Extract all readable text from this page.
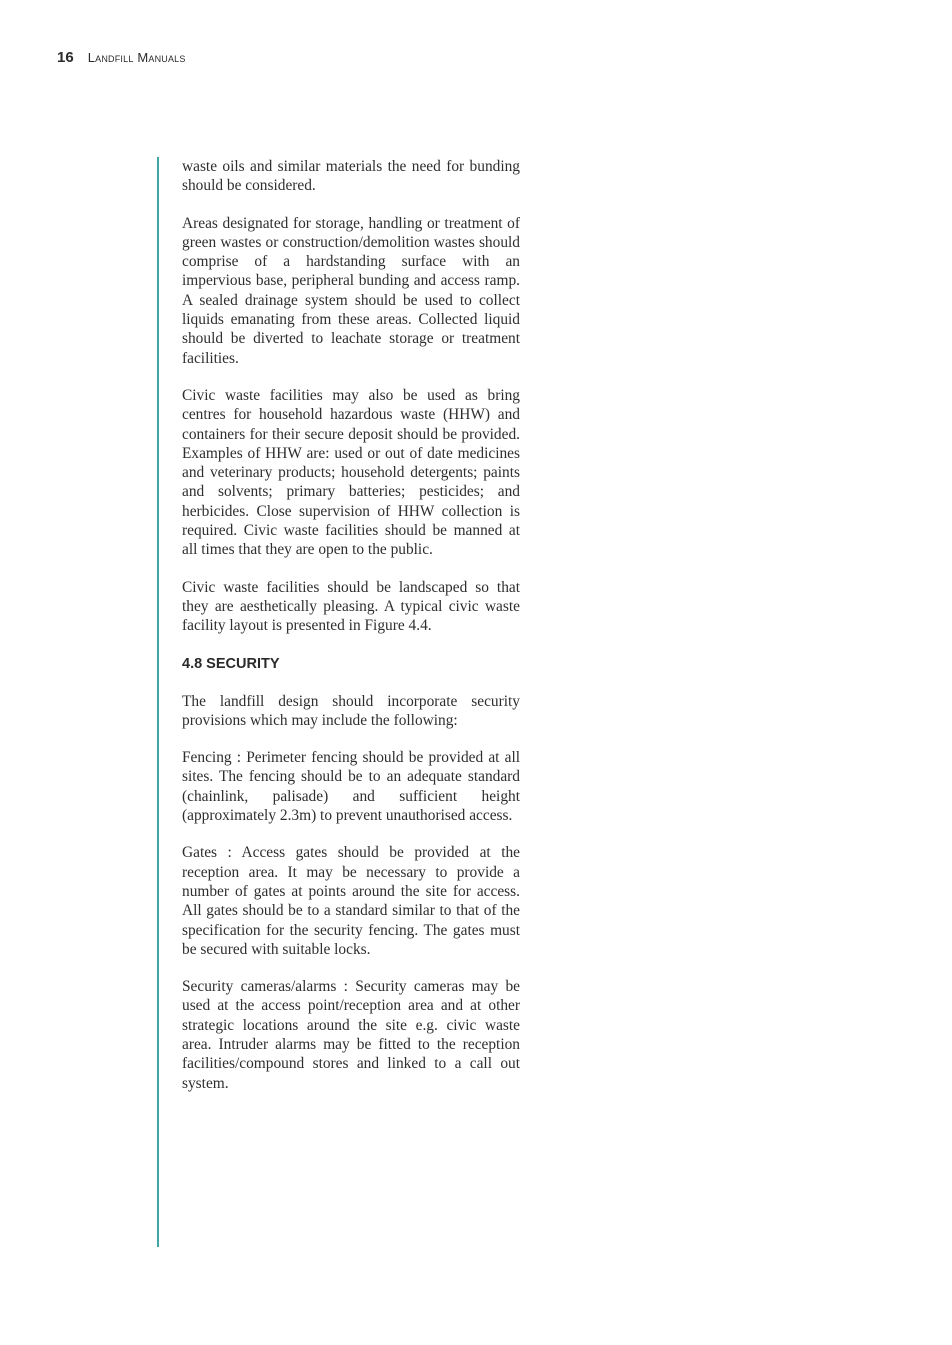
16 Landfill Manuals

waste oils and similar materials the need for bunding should be considered.

Areas designated for storage, handling or treatment of green wastes or construction/demolition wastes should comprise of a hardstanding surface with an impervious base, peripheral bunding and access ramp. A sealed drainage system should be used to collect liquids emanating from these areas. Collected liquid should be diverted to leachate storage or treatment facilities.

Civic waste facilities may also be used as bring centres for household hazardous waste (HHW) and containers for their secure deposit should be provided. Examples of HHW are: used or out of date medicines and veterinary products; household detergents; paints and solvents; primary batteries; pesticides; and herbicides. Close supervision of HHW collection is required. Civic waste facilities should be manned at all times that they are open to the public.

Civic waste facilities should be landscaped so that they are aesthetically pleasing. A typical civic waste facility layout is presented in Figure 4.4.

4.8 SECURITY

The landfill design should incorporate security provisions which may include the following:

Fencing : Perimeter fencing should be provided at all sites. The fencing should be to an adequate standard (chainlink, palisade) and sufficient height (approximately 2.3m) to prevent unauthorised access.

Gates : Access gates should be provided at the reception area. It may be necessary to provide a number of gates at points around the site for access. All gates should be to a standard similar to that of the specification for the security fencing. The gates must be secured with suitable locks.

Security cameras/alarms : Security cameras may be used at the access point/reception area and at other strategic locations around the site e.g. civic waste area. Intruder alarms may be fitted to the reception facilities/compound stores and linked to a call out system.
